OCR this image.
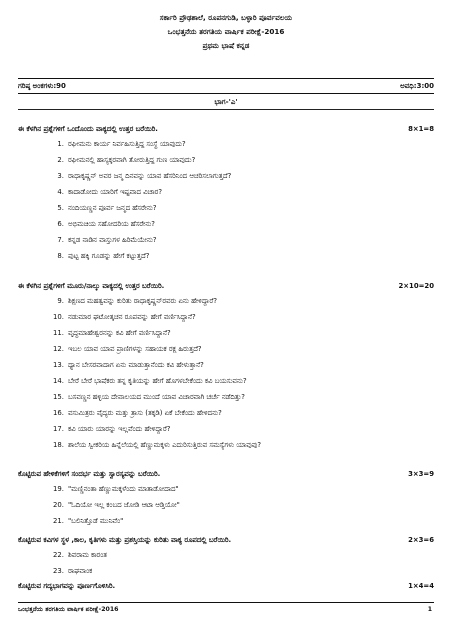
ಸರ್ಕಾರಿ ಪ್ರೌಢಶಾಲೆ, ರೂಪನಗುಡಿ, ಬಳ್ಳಾರಿ ಪೂರ್ವವಲಯ
ಒಂಭತ್ತನೆಯ ತರಗತಿಯ ವಾರ್ಷಿಕ ಪರೀಕ್ಷೆ-2016
ಪ್ರಥಮ ಭಾಷೆ ಕನ್ನಡ
ಗರಿಷ್ಠ ಅಂಕಗಳು:90	ಅವಧಿ:3:00
ಭಾಗ-'ಎ'
ಈ ಕೆಳಗಿನ ಪ್ರಶ್ನೆಗಳಿಗೆ ಒಂದೊಂದು ವಾಕ್ಯದಲ್ಲಿ ಉತ್ತರ ಬರೆಯಿರಿ.	8×1=8
1. ರಘೀಮನು ಕಾರ್ಯ ನಿರ್ವಹಿಸುತ್ತಿದ್ದ ಸಂಸ್ಥೆ ಯಾವುದು?
2. ರಘೀಮನಲ್ಲಿ ಹಾಸ್ಯಕ್ಕರವಾಗಿ ತೋರುತ್ತಿದ್ದ ಗುಣ ಯಾವುದು?
3. ರಾಧಾಕೃಷ್ಣನ್ ಅವರ ಜನ್ಮ ದಿನವನ್ನು ಯಾವ ಹೆಸರಿನಿಂದ ಆಚರಿಸಲಾಗುತ್ತದೆ?
4. ಕಾದಾಡೋದು ಯಾರಿಗೆ ಇಷ್ಟವಾದ ವಿಚಾರ?
5. ನಂದಿಯಣ್ಣನ ಪೂರ್ವ ಜನ್ಮದ ಹೆಸರೇನು?
6. ಅಭಿಮಚಿಯ ಸಹೋದರಿಯ ಹೆಸರೇನು?
7. ಕನ್ನಡ ನಾಡಿನ ವಾಸ್ತುಗಳ ಹಿರಿಮೆಯೇನು?
8. ಪುಟ್ಟ ಹಕ್ಕಿ ಗೂಡನ್ನು ಹೇಗೆ ಕಟ್ಟುತ್ತದೆ?
ಈ ಕೆಳಗಿನ ಪ್ರಶ್ನೆಗಳಿಗೆ ಮೂರು/ನಾಲ್ಕು ವಾಕ್ಯದಲ್ಲಿ ಉತ್ತರ ಬರೆಯಿರಿ.	2×10=20
9. ಶಿಕ್ಷಣದ ಮಹತ್ವವನ್ನು ಕುರಿತು ರಾಧಾಕೃಷ್ಣನ್‌ರವರು ಏನು ಹೇಳಿದ್ದಾರೆ?
10. ನಡುಮಾರ ಘಟೋತ್ಕಚನ ರೂಪವನ್ನು ಹೇಗೆ ವರ್ಣಿಸಿದ್ದಾನೆ?
11. ವೃದ್ಧಮಾಹೇಶ್ವರನನ್ನು ಕವಿ ಹೇಗೆ ವರ್ಣಿಸಿದ್ದಾನೆ?
12. ಇಬಲ ಯಾವ ಯಾವ ಪ್ರಾಣಿಗಳನ್ನು ಸಹಾಯಕ ರಕ್ಷ ಹಿರುತ್ತದೆ?
13. ಧ್ಯಾನ ಬೇಸರವಾದಾಗ ಏನು ಮಾಡುತ್ತಾನೆಂದು ಕವಿ ಹೇಳುತ್ತಾನೆ?
14. ಬೇರೆ ಬೇರೆ ಭಾಷೆಕರು ತನ್ನ ಕೃತಿಯನ್ನು ಹೇಗೆ ಹೊಗಳಬೇಕೆಂದು ಕವಿ ಬಯಸುವನು?
15. ಬಸವಣ್ಣನ ಹಳ್ಳಿಯ ದೇವಾಲಯದ ಮುಂದೆ ಯಾವ ವಿಚಾರವಾಗಿ ಚರ್ಚೆ ನಡೆದಿತ್ತು?
16. ವಸುಮಿತ್ರರು ವೈದ್ಯರು ಮತ್ತು ತ್ರಾಸು (ತಕ್ಕಡಿ) ಏಕೆ ಬೇಕೆಂದು ಹೇಳಿದನು?
17. ಕವಿ ಯಾರು ಯಾರನ್ನು ಇಲ್ಲವೆಂದು ಹೇಳಿದ್ದಾರೆ?
18. ಶಾಲೆಯ ಸ್ವೀಕರಿಯ ಹಿನ್ನೆಲೆಯಲ್ಲಿ ಹೆಣ್ಣುಮಕ್ಕಳು ಎದುರಿಸುತ್ತಿರುವ ಸಮಸ್ಯೆಗಳು ಯಾವುವು?
ಕೊಟ್ಟಿರುವ ಹೇಳಿಕೆಗಳಿಗೆ ಸಂದರ್ಭ ಮತ್ತು ಸ್ವಾರಸ್ಯವನ್ನು ಬರೆಯಿರಿ.	3×3=9
19. "ಮಣ್ಣಿನಂತಾ ಹೆಣ್ಣುಮಕ್ಕಳೆಂದು ಮಾತಾಡೋದಾದ"
20. "ಓದಿಯೋ ಇಲ್ಲ ಕಂಬದ ಜೋಡಿ ಆಟಾ ಆಡ್ತಿಯೋ"
21. "ಬಲಿನಿತ್ತೊಡೆ ಮುನಿವೆಂ"
ಕೊಟ್ಟಿರುವ ಕವಿಗಳ ಸ್ಥಳ ,ಕಾಲ, ಕೃತಿಗಳು ಮತ್ತು ಪ್ರಶಸ್ತಿಯನ್ನು ಕುರಿತು ವಾಕ್ಯ ರೂಪದಲ್ಲಿ ಬರೆಯಿರಿ.	2×3=6
22. ಶಿವರಾಮ ಕಾರಂತ
23. ರಾಘವಾಂಕ
ಕೊಟ್ಟಿರುವ ಗದ್ಯಭಾಗವನ್ನು ಪೂರ್ಣಗೊಳಿಸಿರಿ.	1×4=4
ಒಂಭತ್ತನೆಯ ತರಗತಿಯ ವಾರ್ಷಿಕ ಪರೀಕ್ಷೆ-2016	1
